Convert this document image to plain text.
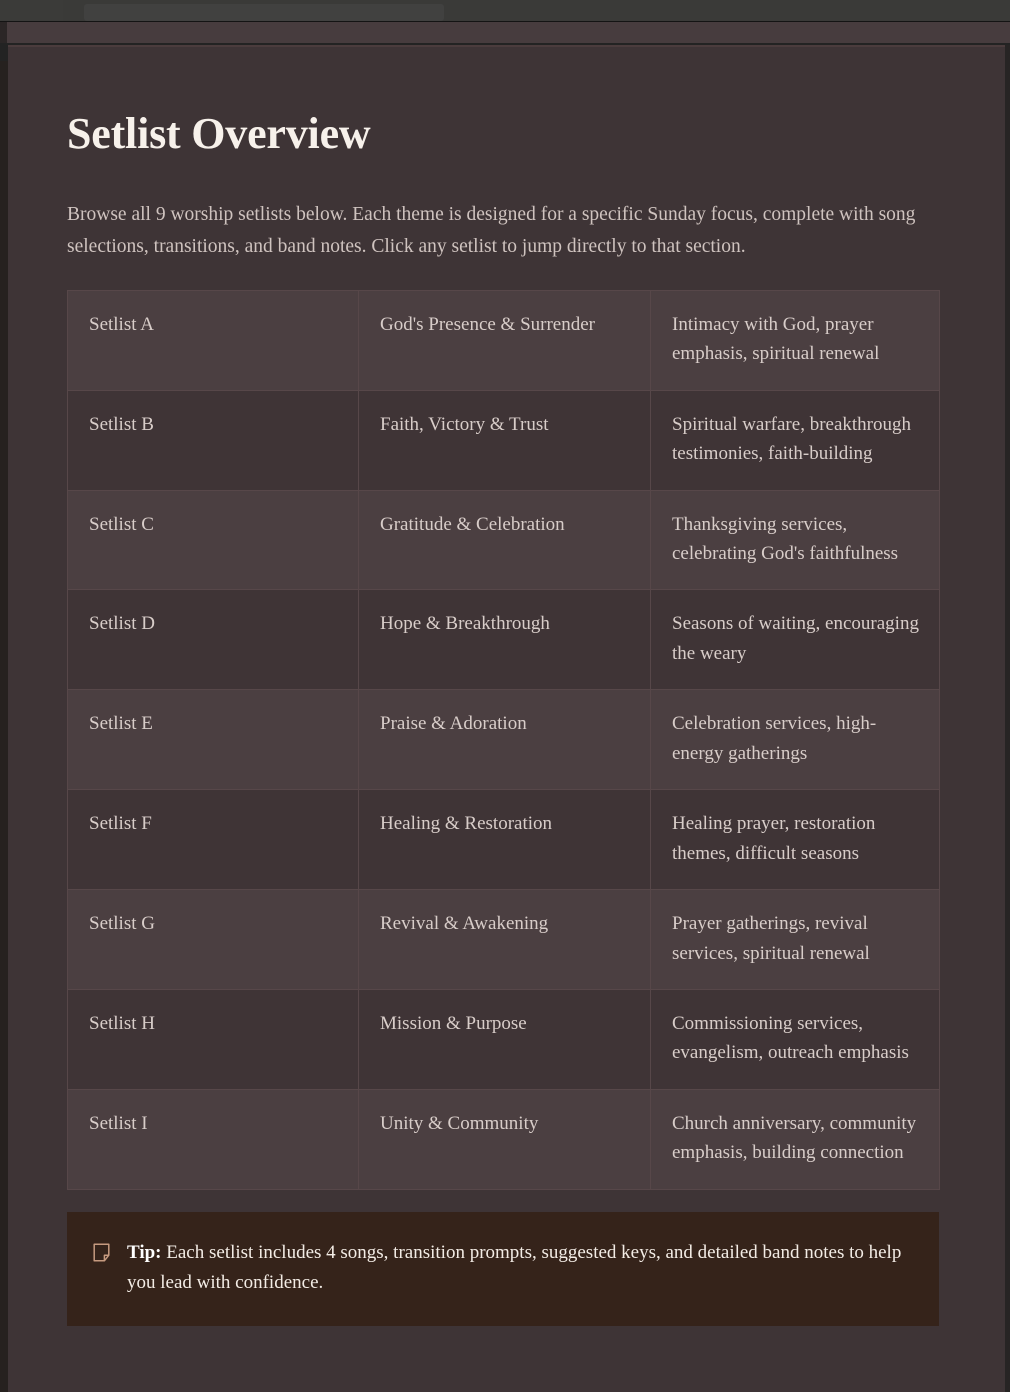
Setlist Overview

Browse all 9 worship setlists below. Each theme is designed for a specific Sunday focus, complete with song selections, transitions, and band notes. Click any setlist to jump directly to that section.

Setlist A	God's Presence & Surrender	Intimacy with God, prayer emphasis, spiritual renewal
Setlist B	Faith, Victory & Trust	Spiritual warfare, breakthrough testimonies, faith-building
Setlist C	Gratitude & Celebration	Thanksgiving services, celebrating God's faithfulness
Setlist D	Hope & Breakthrough	Seasons of waiting, encouraging the weary
Setlist E	Praise & Adoration	Celebration services, high-energy gatherings
Setlist F	Healing & Restoration	Healing prayer, restoration themes, difficult seasons
Setlist G	Revival & Awakening	Prayer gatherings, revival services, spiritual renewal
Setlist H	Mission & Purpose	Commissioning services, evangelism, outreach emphasis
Setlist I	Unity & Community	Church anniversary, community emphasis, building connection
Tip: Each setlist includes 4 songs, transition prompts, suggested keys, and detailed band notes to help you lead with confidence.
